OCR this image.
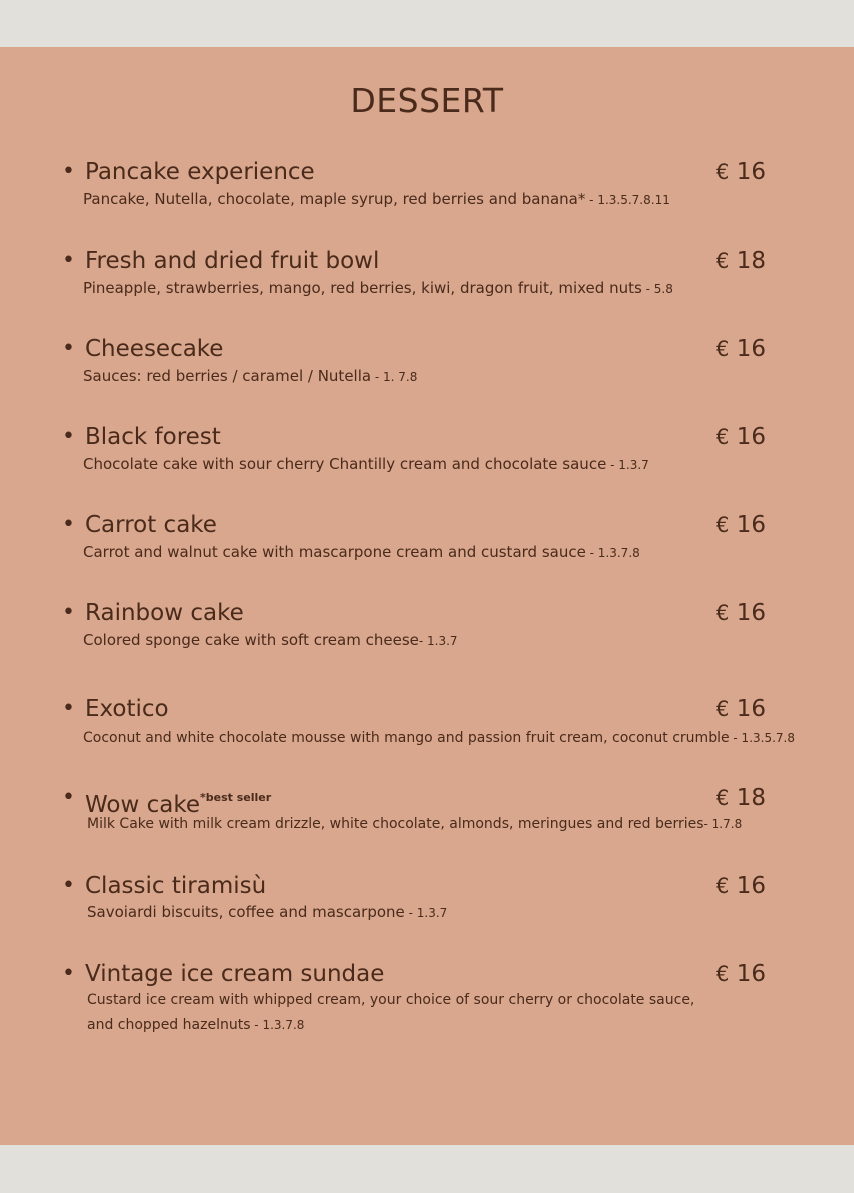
DESSERT
• Pancake experience	€ 16
Pancake, Nutella, chocolate, maple syrup, red berries and banana* - 1.3.5.7.8.11
• Fresh and dried fruit bowl	€ 18
Pineapple, strawberries, mango, red berries, kiwi, dragon fruit, mixed nuts - 5.8
• Cheesecake	€ 16
Sauces: red berries / caramel / Nutella - 1. 7.8
• Black forest	€ 16
Chocolate cake with sour cherry Chantilly cream and chocolate sauce - 1.3.7
• Carrot cake	€ 16
Carrot and walnut cake with mascarpone cream and custard sauce - 1.3.7.8
• Rainbow cake	€ 16
Colored sponge cake with soft cream cheese- 1.3.7
• Exotico	€ 16
Coconut and white chocolate mousse with mango and passion fruit cream, coconut crumble - 1.3.5.7.8
• Wow cake$^{*best seller}$	€ 18
Milk Cake with milk cream drizzle, white chocolate, almonds, meringues and red berries- 1.7.8
• Classic tiramisù	€ 16
Savoiardi biscuits, coffee and mascarpone - 1.3.7
• Vintage ice cream sundae	€ 16
Custard ice cream with whipped cream, your choice of sour cherry or chocolate sauce,
and chopped hazelnuts - 1.3.7.8
